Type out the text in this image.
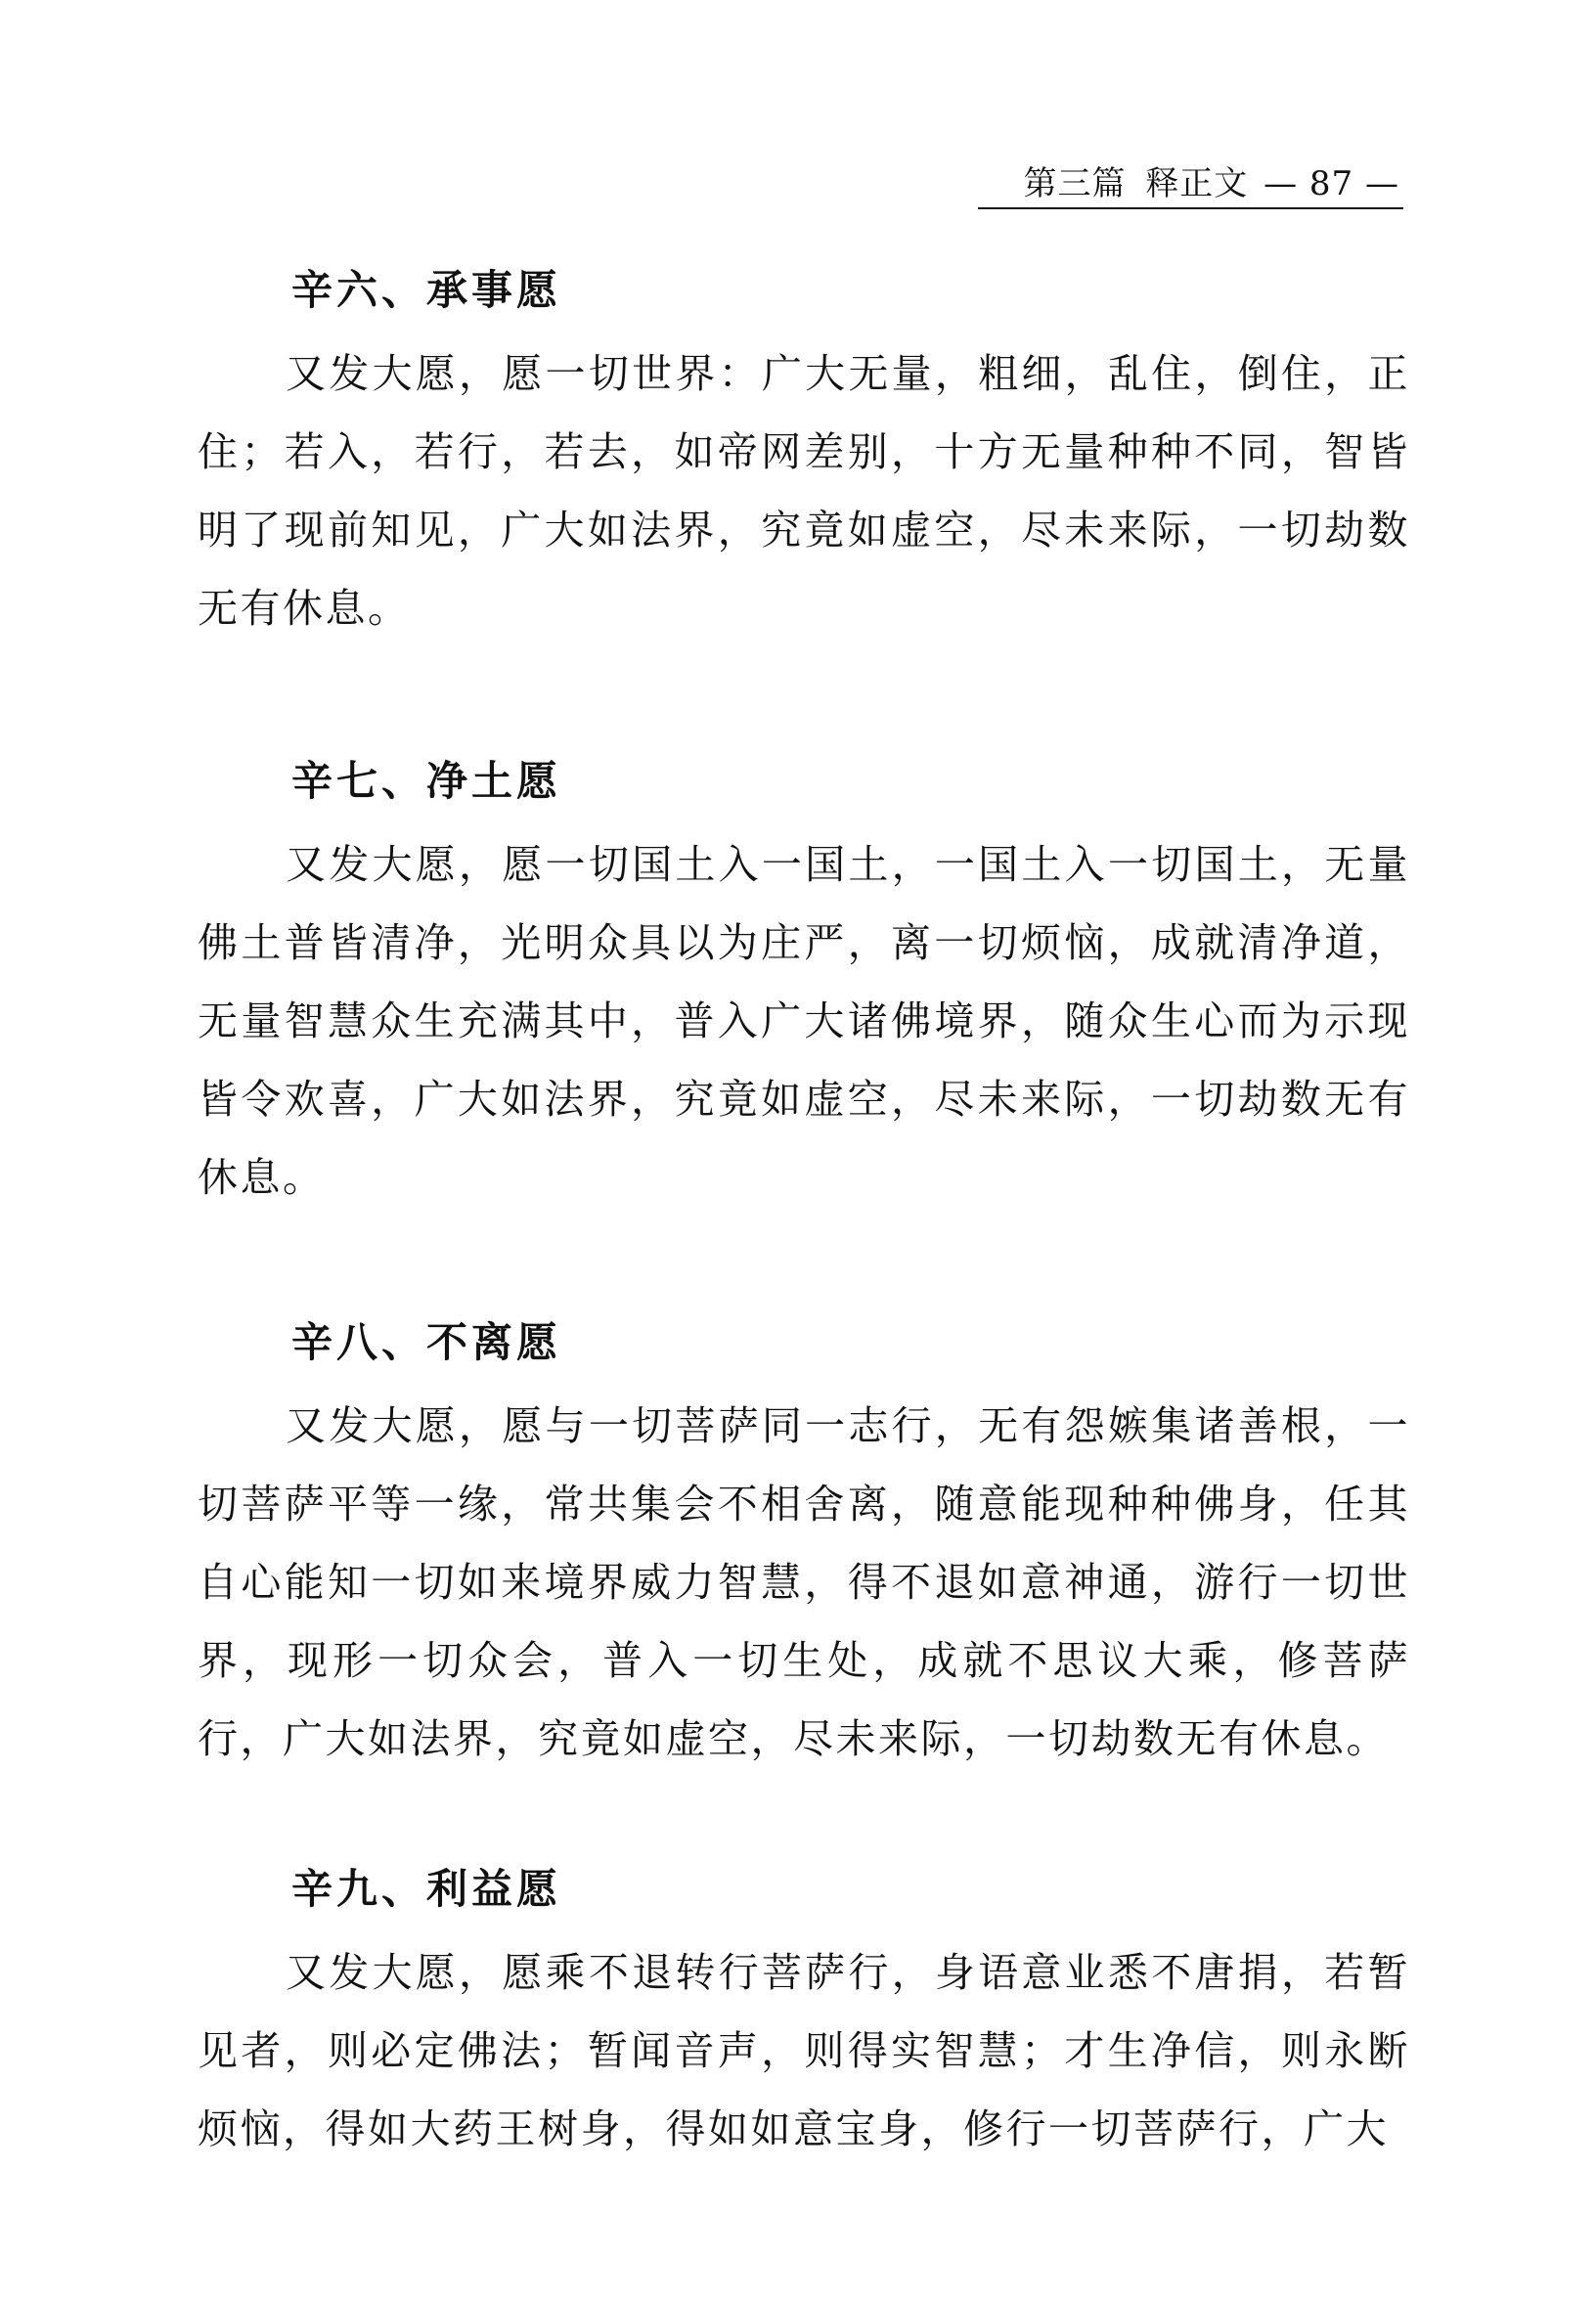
第三篇 释正文 — 87 —
辛六、承事愿

又发大愿，愿一切世界：广大无量，粗细，乱住，倒住，正住；若入，若行，若去，如帝网差别，十方无量种种不同，智皆明了现前知见，广大如法界，究竟如虚空，尽未来际，一切劫数无有休息。

辛七、净土愿

又发大愿，愿一切国土入一国土，一国土入一切国土，无量佛土普皆清净，光明众具以为庄严，离一切烦恼，成就清净道，无量智慧众生充满其中，普入广大诸佛境界，随众生心而为示现皆令欢喜，广大如法界，究竟如虚空，尽未来际，一切劫数无有休息。

辛八、不离愿

又发大愿，愿与一切菩萨同一志行，无有怨嫉集诸善根，一切菩萨平等一缘，常共集会不相舍离，随意能现种种佛身，任其自心能知一切如来境界威力智慧，得不退如意神通，游行一切世界，现形一切众会，普入一切生处，成就不思议大乘，修菩萨行，广大如法界，究竟如虚空，尽未来际，一切劫数无有休息。

辛九、利益愿

又发大愿，愿乘不退转行菩萨行，身语意业悉不唐捐，若暂见者，则必定佛法；暂闻音声，则得实智慧；才生净信，则永断烦恼，得如大药王树身，得如如意宝身，修行一切菩萨行，广大
